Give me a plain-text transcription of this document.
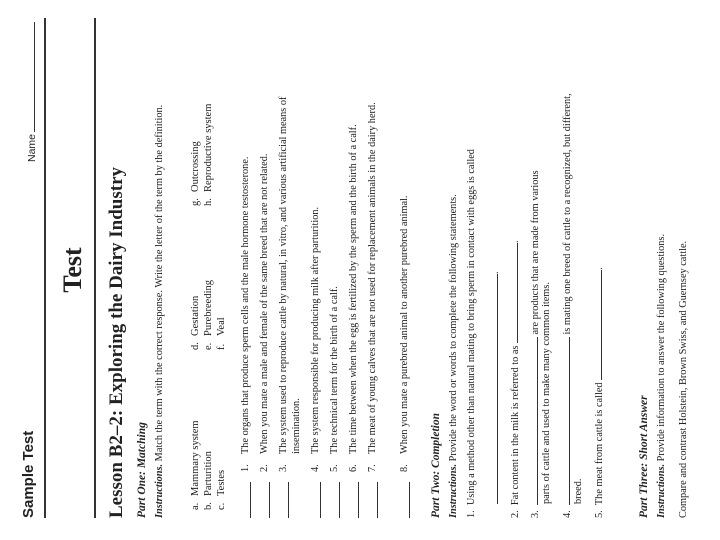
Sample Test
Name
Test Lesson B2–2: Exploring the Dairy Industry Part One: Matching Instructions. Match the term with the correct response. Write the letter of the term by the definition.
a.Mammary system
b.Parturition
c.Testes
d.Gestation
e.Purebreeding
f.Veal
g.Outcrossing
h.Reproductive system
1.
The organs that produce sperm cells and the male hormone testosterone.
2.
When you mate a male and female of the same breed that are not related.
3.
The system used to reproduce cattle by natural, in vitro, and various artificial means of insemination.
4.
The system responsible for producing milk after parturition.
5.
The technical term for the birth of a calf.
6.
The time between when the egg is fertilized by the sperm and the birth of a calf.
7.
The meat of young calves that are not used for replacement animals in the dairy herd.
8.
When you mate a purebred animal to another purebred animal.
Part Two: Completion Instructions. Provide the word or words to complete the following statements.
1.  Using a method other than natural mating to bring sperm in contact with eggs is called .
2.  Fat content in the milk is referred to as .
3.   are products that are made from various
parts of cattle and used to make many common items.
4.   is mating one breed of cattle to a recognized, but different,
breed.
5.  The meat from cattle is called .
Part Three: Short Answer Instructions. Provide information to answer the following questions. Compare and contrast Holstein, Brown Swiss, and Guernsey cattle.
